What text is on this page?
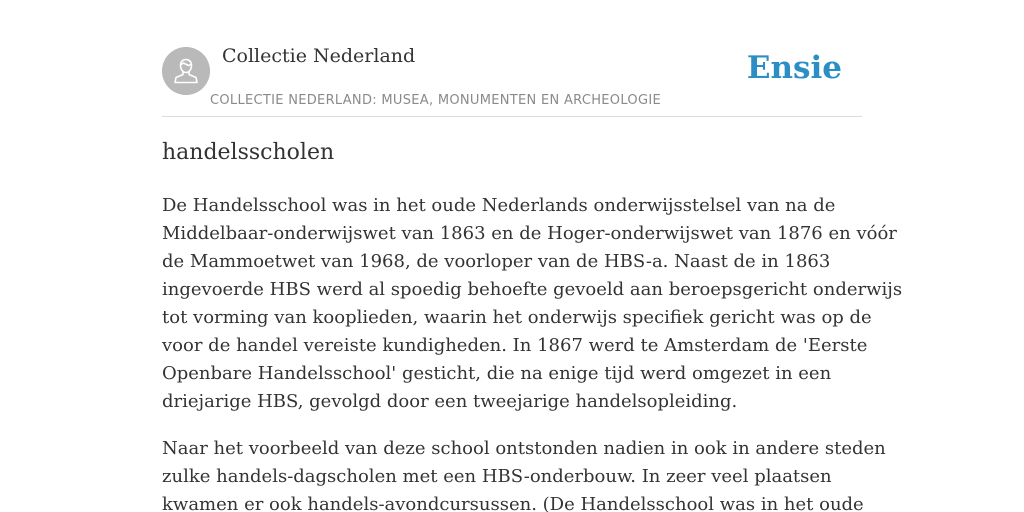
Collectie Nederland
COLLECTIE NEDERLAND: MUSEA, MONUMENTEN EN ARCHEOLOGIE
Ensie
handelsscholen

De Handelsschool was in het oude Nederlands onderwijsstelsel van na de
Middelbaar-onderwijswet van 1863 en de Hoger-onderwijswet van 1876 en vóór
de Mammoetwet van 1968, de voorloper van de HBS-a. Naast de in 1863
ingevoerde HBS werd al spoedig behoefte gevoeld aan beroepsgericht onderwijs
tot vorming van kooplieden, waarin het onderwijs specifiek gericht was op de
voor de handel vereiste kundigheden. In 1867 werd te Amsterdam de 'Eerste
Openbare Handelsschool' gesticht, die na enige tijd werd omgezet in een
driejarige HBS, gevolgd door een tweejarige handelsopleiding.

Naar het voorbeeld van deze school ontstonden nadien in ook in andere steden
zulke handels-dagscholen met een HBS-onderbouw. In zeer veel plaatsen
kwamen er ook handels-avondcursussen. (De Handelsschool was in het oude
